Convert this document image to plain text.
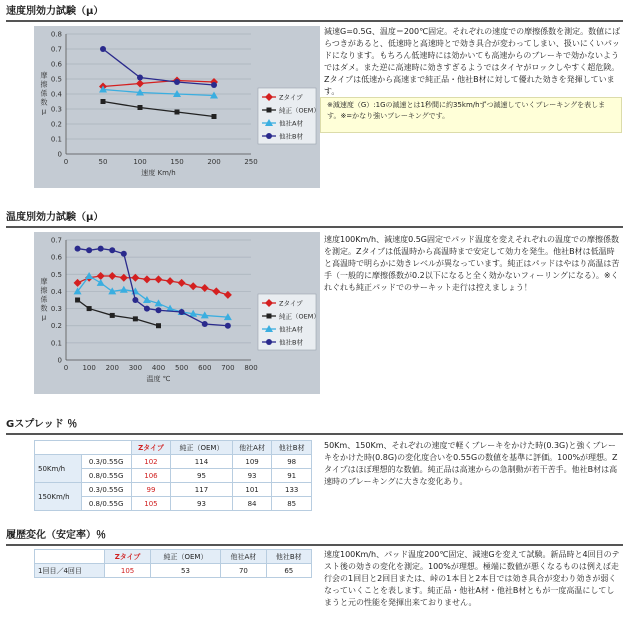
速度別効力試験（μ）
0
0.1
0.2
0.3
0.4
0.5
0.6
0.7
0.8
0	50	100	150	200	250
速度 Km/h
摩
擦
係
数
μ
Zタイプ
純正（OEM）
他社A材
他社B材
減速G=0.5G、温度＝200℃固定。それぞれの速度での摩擦係数を測定。数値にばらつきがあると、低速時と高速時とで効き具合が変わってしまい、扱いにくいパッドになります。もちろん低速時には効かいても高速からのブレーキで効かないようではダメ。また逆に高速時に効きすぎるようではタイヤがロックしやすく超危険。Zタイプは低速から高速まで純正品・他社B材に対して優れた効きを発揮しています。
※減速度（G）:1Gの減速とは1秒間に約35km/hずつ減速していくブレーキングを表します。※=かなり強いブレーキングです。
温度別効力試験（μ）
0
0.1
0.2
0.3
0.4
0.5
0.6
0.7
0 100 200 300 400 500 600 700 800
温度 ℃
摩
擦
係
数
μ
Zタイプ
純正（OEM）
他社A材
他社B材
速度100Km/h、減速度0.5G固定でパッド温度を変えそれぞれの温度での摩擦係数を測定。Zタイプは低温時から高温時まで安定して効力を発生。他社B材は低温時と高温時で明らかに効きレベルが異なっています。純正はパッドはやはり高温は苦手（一般的に摩擦係数が0.2以下になると全く効かないフィーリングになる）。※くれぐれも純正パッドでのサーキット走行は控えましょう！
Gスプレッド ％
		Zタイプ	純正（OEM）	他社A材	他社B材
50Km/h	0.3/0.55G	102	114	109	98
	0.8/0.55G	106	95	93	91
150Km/h	0.3/0.55G	99	117	101	133
	0.8/0.55G	105	93	84	85
50Km、150Km、それぞれの速度で軽くブレーキをかけた時(0.3G)と強くブレーキをかけた時(0.8G)の変化度合いを0.55Gの数値を基準に評価。100%が理想。Zタイプはほぼ理想的な数値。純正品は高速からの急制動が若干苦手。他社B材は高速時のブレーキングに大きな変化あり。
履歴変化（安定率）％
	Zタイプ	純正（OEM）	他社A材	他社B材
1回目／4回目	105	53	70	65
速度100Km/h、パッド温度200℃固定、減速Gを変えて試験。新品時と4回目のテスト後の効きの変化を測定。100%が理想。極端に数値が悪くなるものは例えば走行会の1回目と2回目または、峠の1本目と2本目では効き具合が変わり効きが弱くなっていくことを表します。純正品・他社A材・他社B材ともが一度高温にしてしまうと元の性能を発揮出来ておりません。
